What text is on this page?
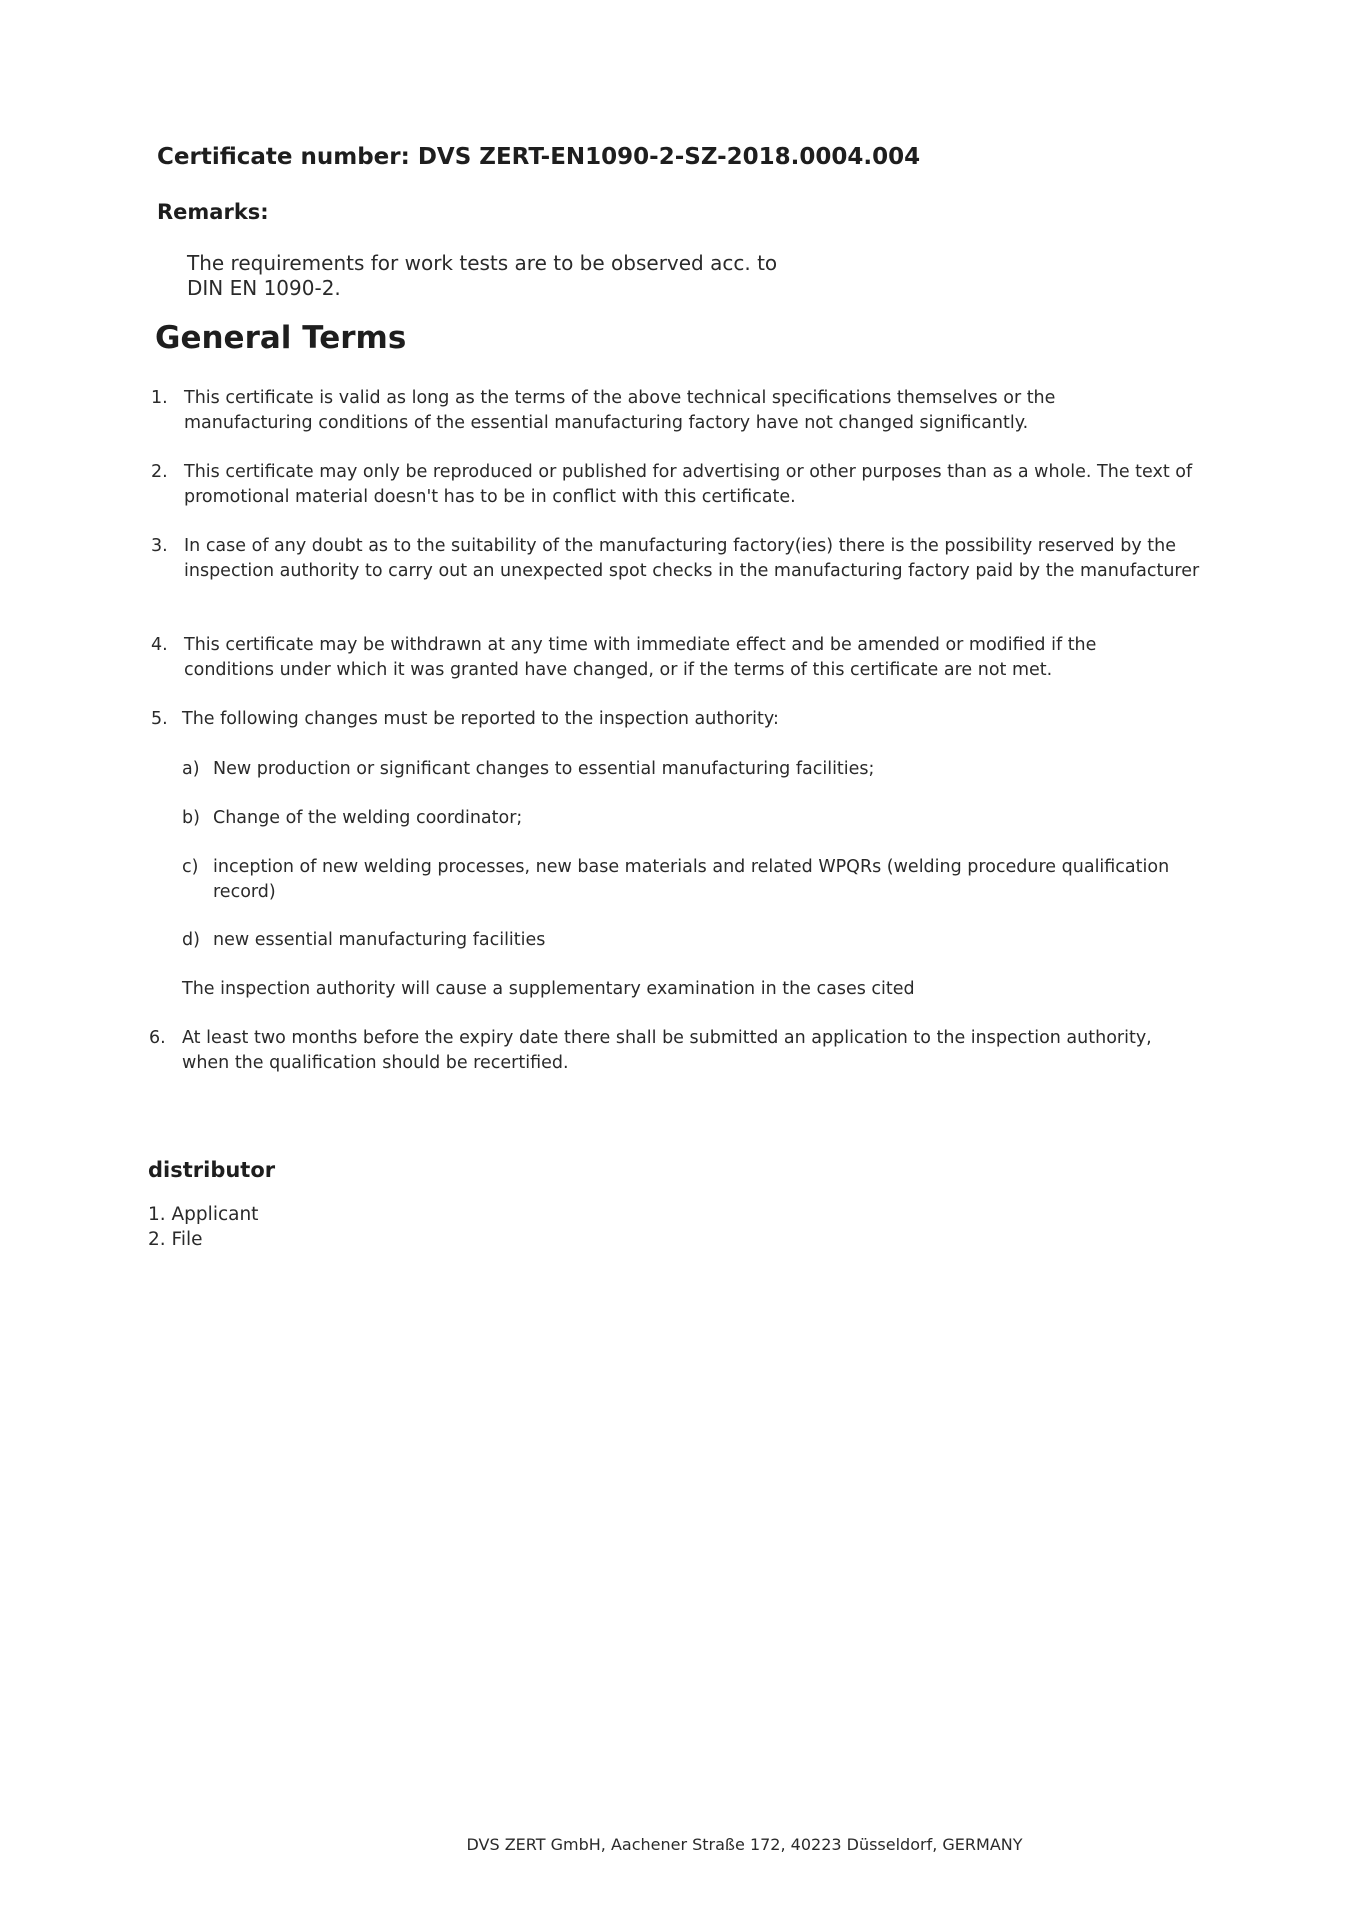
Certificate number: DVS ZERT-EN1090-2-SZ-2018.0004.004
Remarks:
The requirements for work tests are to be observed acc. to
DIN EN 1090-2.
General Terms
1. This certificate is valid as long as the terms of the above technical specifications themselves or the manufacturing conditions of the essential manufacturing factory have not changed significantly.
2. This certificate may only be reproduced or published for advertising or other purposes than as a whole. The text of promotional material doesn't has to be in conflict with this certificate.
3. In case of any doubt as to the suitability of the manufacturing factory(ies) there is the possibility reserved by the inspection authority to carry out an unexpected spot checks in the manufacturing factory paid by the manufacturer
4. This certificate may be withdrawn at any time with immediate effect and be amended or modified if the conditions under which it was granted have changed, or if the terms of this certificate are not met.
5. The following changes must be reported to the inspection authority:
a) New production or significant changes to essential manufacturing facilities;
b) Change of the welding coordinator;
c) inception of new welding processes, new base materials and related WPQRs (welding procedure qualification record)
d) new essential manufacturing facilities
The inspection authority will cause a supplementary examination in the cases cited
6. At least two months before the expiry date there shall be submitted an application to the inspection authority, when the qualification should be recertified.
distributor
1. Applicant
2. File
DVS ZERT GmbH, Aachener Straße 172, 40223 Düsseldorf, GERMANY
